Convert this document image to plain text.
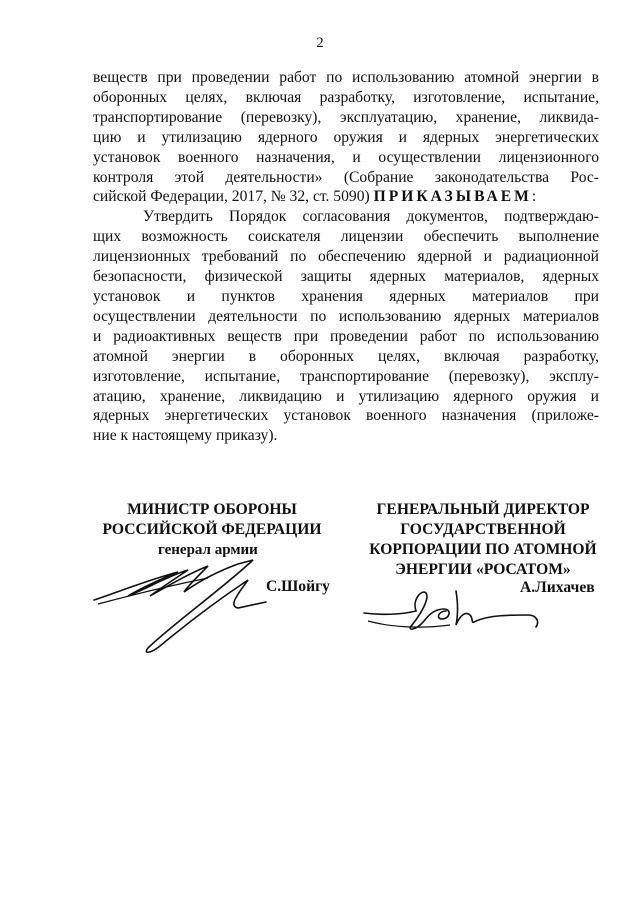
2

веществ при проведении работ по использованию атомной энергии в

оборонных целях, включая разработку, изготовление, испытание,

транспортирование (перевозку), эксплуатацию, хранение, ликвида-

цию и утилизацию ядерного оружия и ядерных энергетических

установок военного назначения, и осуществлении лицензионного

контроля этой деятельности» (Собрание законодательства Рос-

сийской Федерации, 2017, № 32, ст. 5090) ПРИКАЗЫВАЕМ:

Утвердить Порядок согласования документов, подтверждаю-

щих возможность соискателя лицензии обеспечить выполнение

лицензионных требований по обеспечению ядерной и радиационной

безопасности, физической защиты ядерных материалов, ядерных

установок и пунктов хранения ядерных материалов при

осуществлении деятельности по использованию ядерных материалов

и радиоактивных веществ при проведении работ по использованию

атомной энергии в оборонных целях, включая разработку,

изготовление, испытание, транспортирование (перевозку), эксплу-

атацию, хранение, ликвидацию и утилизацию ядерного оружия и

ядерных энергетических установок военного назначения (приложе-

ние к настоящему приказу).

МИНИСТР ОБОРОНЫ
РОССИЙСКОЙ ФЕДЕРАЦИИ
генерал армии
С.Шойгу
ГЕНЕРАЛЬНЫЙ ДИРЕКТОР
ГОСУДАРСТВЕННОЙ
КОРПОРАЦИИ ПО АТОМНОЙ
ЭНЕРГИИ «РОСАТОМ»
А.Лихачев
